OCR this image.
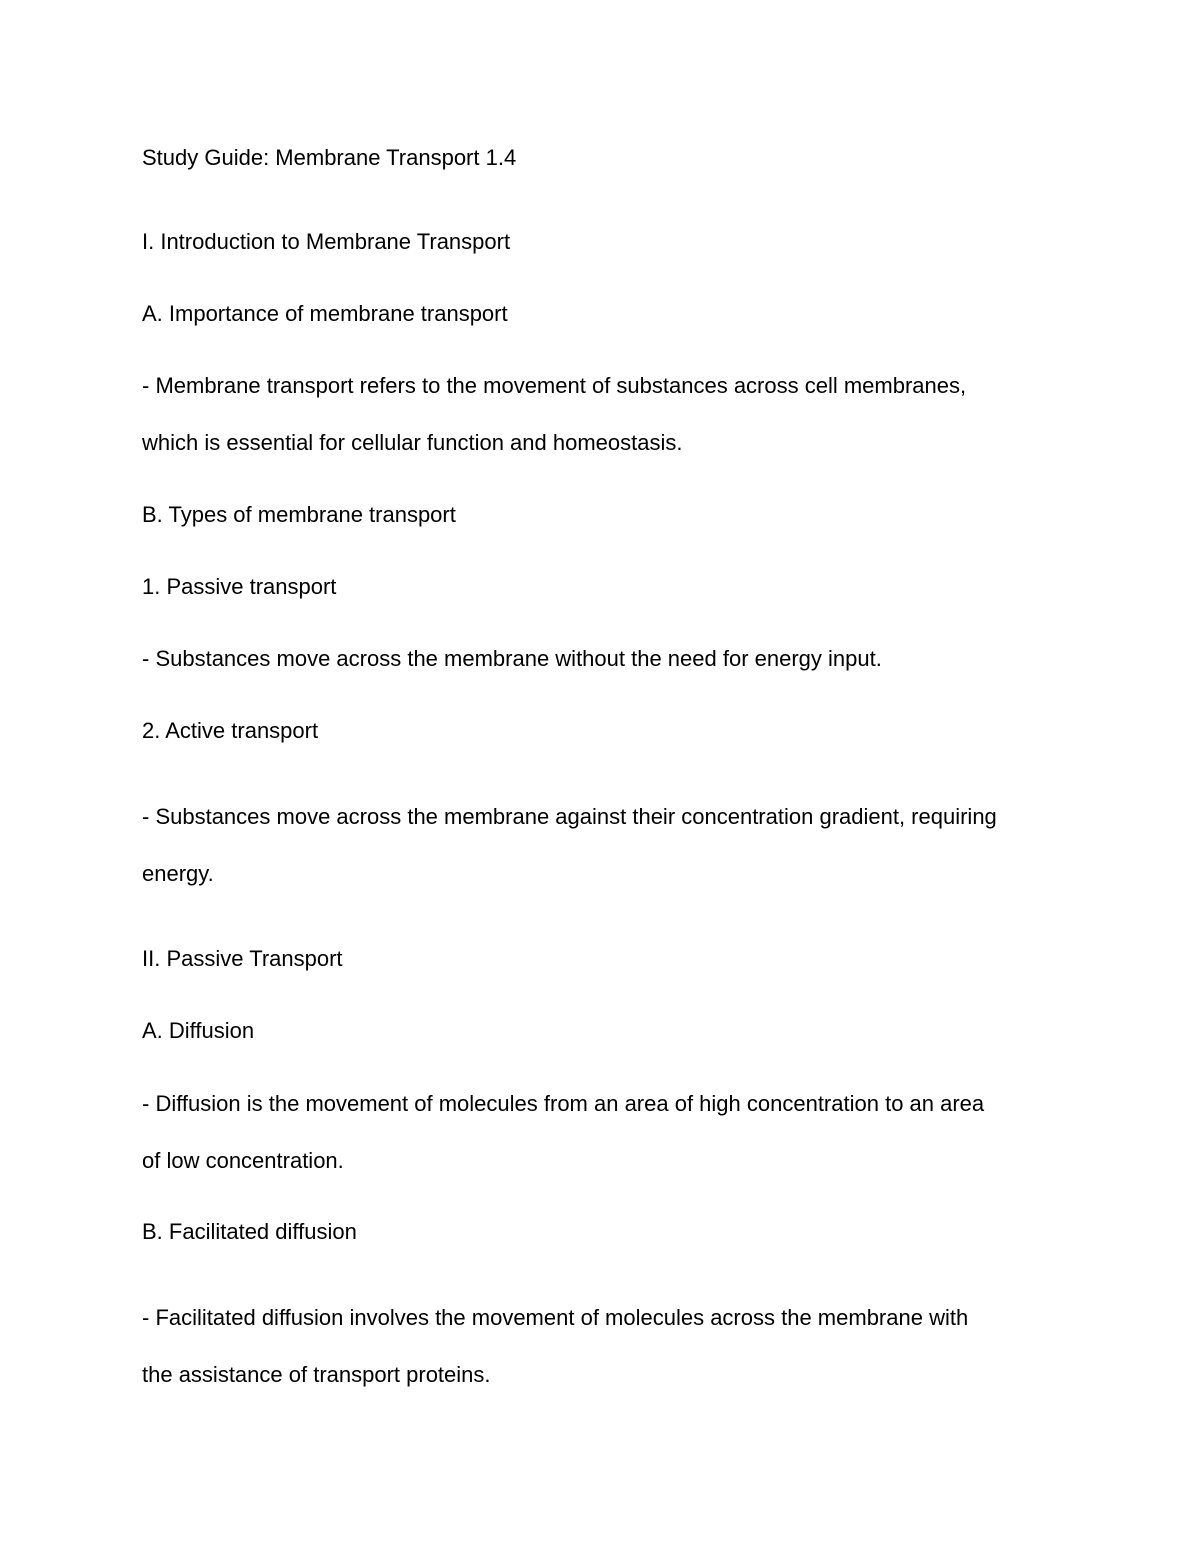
Study Guide: Membrane Transport 1.4

I. Introduction to Membrane Transport

A. Importance of membrane transport

- Membrane transport refers to the movement of substances across cell membranes,

which is essential for cellular function and homeostasis.

B. Types of membrane transport

1. Passive transport

- Substances move across the membrane without the need for energy input.

2. Active transport

- Substances move across the membrane against their concentration gradient, requiring

energy.

II. Passive Transport

A. Diffusion

- Diffusion is the movement of molecules from an area of high concentration to an area

of low concentration.

B. Facilitated diffusion

- Facilitated diffusion involves the movement of molecules across the membrane with

the assistance of transport proteins.
